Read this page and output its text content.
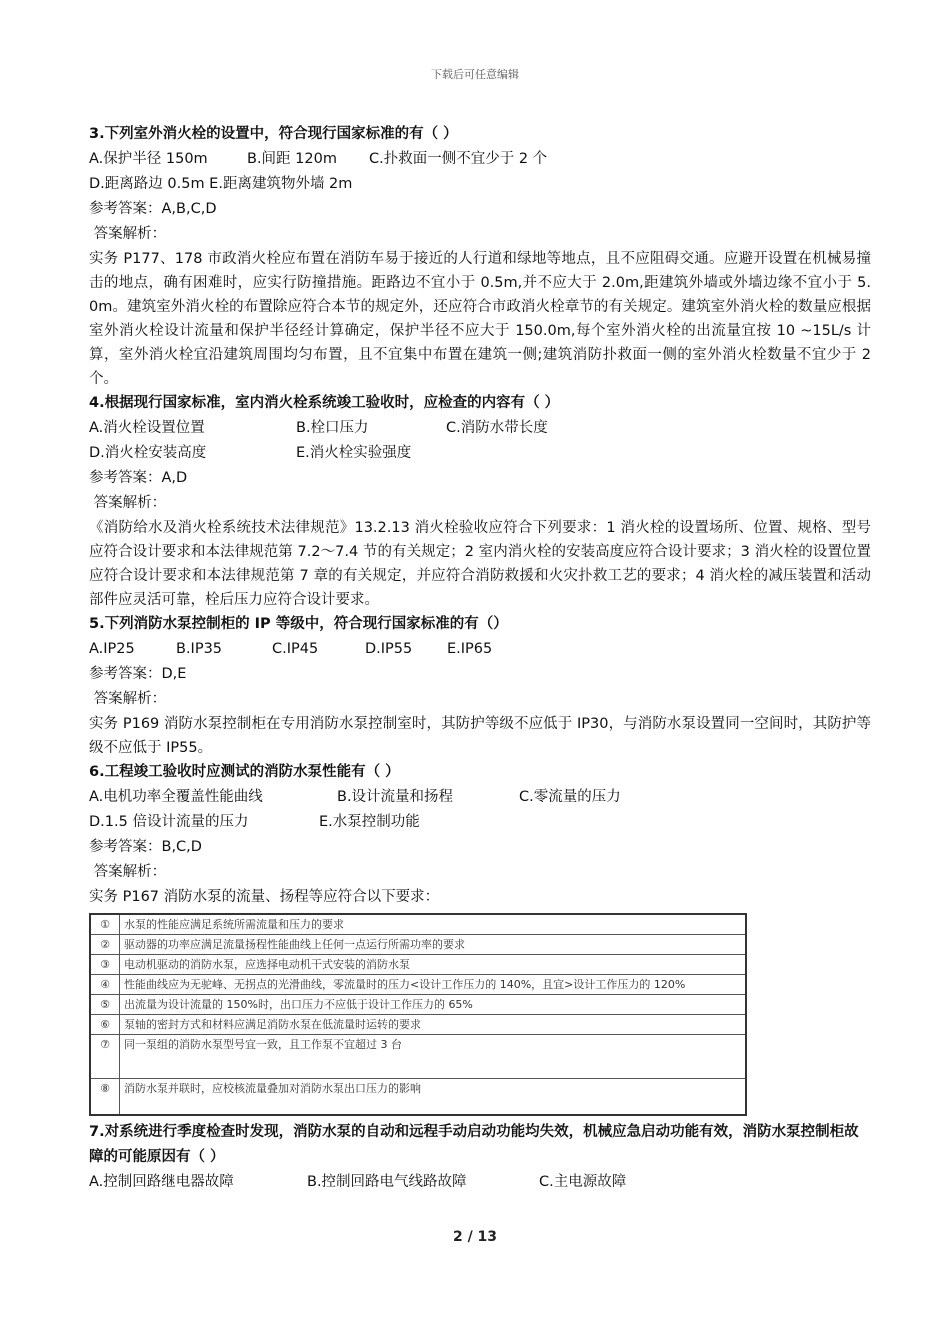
下载后可任意编辑

3.下列室外消火栓的设置中，符合现行国家标准的有（ ）

A.保护半径 150m	B.间距 120m	C.扑救面一侧不宜少于 2 个

D.距离路边 0.5m E.距离建筑物外墙 2m

参考答案：A,B,C,D

答案解析：

实务 P177、178 市政消火栓应布置在消防车易于接近的人行道和绿地等地点，且不应阻碍交通。应避开设置在机械易撞击的地点，确有困难时，应实行防撞措施。距路边不宜小于 0.5m,并不应大于 2.0m,距建筑外墙或外墙边缘不宜小于 5. 0m。建筑室外消火栓的布置除应符合本节的规定外，还应符合市政消火栓章节的有关规定。建筑室外消火栓的数量应根据室外消火栓设计流量和保护半径经计算确定，保护半径不应大于 150.0m,每个室外消火栓的出流量宜按 10 ~15L/s 计算，室外消火栓宜沿建筑周围均匀布置，且不宜集中布置在建筑一侧;建筑消防扑救面一侧的室外消火栓数量不宜少于 2 个。

4.根据现行国家标准，室内消火栓系统竣工验收时，应检查的内容有（ ）

A.消火栓设置位置	B.栓口压力	C.消防水带长度
D.消火栓安装高度	E.消火栓实验强度

参考答案：A,D

答案解析：

《消防给水及消火栓系统技术法律规范》13.2.13 消火栓验收应符合下列要求：1 消火栓的设置场所、位置、规格、型号应符合设计要求和本法律规范第 7.2～7.4 节的有关规定；2 室内消火栓的安装高度应符合设计要求；3 消火栓的设置位置应符合设计要求和本法律规范第 7 章的有关规定，并应符合消防救援和火灾扑救工艺的要求；4 消火栓的减压装置和活动部件应灵活可靠，栓后压力应符合设计要求。

5.下列消防水泵控制柜的 IP 等级中，符合现行国家标准的有（）

A.IP25	B.IP35	C.IP45	D.IP55	E.IP65

参考答案：D,E

答案解析：

实务 P169 消防水泵控制柜在专用消防水泵控制室时，其防护等级不应低于 IP30，与消防水泵设置同一空间时，其防护等级不应低于 IP55。

6.工程竣工验收时应测试的消防水泵性能有（ ）

A.电机功率全覆盖性能曲线	B.设计流量和扬程	C.零流量的压力
D.1.5 倍设计流量的压力	E.水泵控制功能

参考答案：B,C,D

答案解析：

实务 P167 消防水泵的流量、扬程等应符合以下要求：

①	水泵的性能应满足系统所需流量和压力的要求
②	驱动器的功率应满足流量扬程性能曲线上任何一点运行所需功率的要求
③	电动机驱动的消防水泵，应选择电动机干式安装的消防水泵
④	性能曲线应为无驼峰、无拐点的光滑曲线，零流量时的压力<设计工作压力的 140%，且宜>设计工作压力的 120%
⑤	出流量为设计流量的 150%时，出口压力不应低于设计工作压力的 65%
⑥	泵轴的密封方式和材料应满足消防水泵在低流量时运转的要求
⑦	同一泵组的消防水泵型号宜一致，且工作泵不宜超过 3 台
⑧	消防水泵并联时，应校核流量叠加对消防水泵出口压力的影响

7.对系统进行季度检查时发现，消防水泵的自动和远程手动启动功能均失效，机械应急启动功能有效，消防水泵控制柜故障的可能原因有（ ）

A.控制回路继电器故障	B.控制回路电气线路故障	C.主电源故障
2 / 13
